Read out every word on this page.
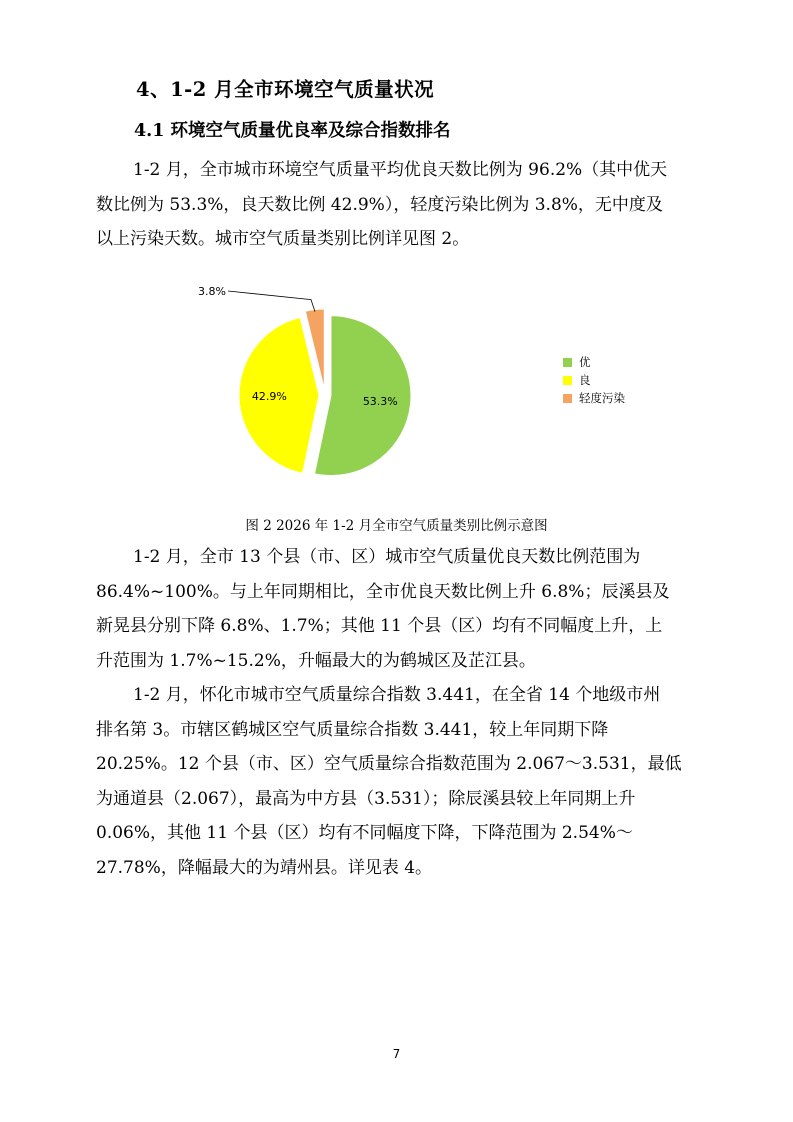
4、1-2 月全市环境空气质量状况
4.1 环境空气质量优良率及综合指数排名

1-2 月，全市城市环境空气质量平均优良天数比例为 96.2%（其中优天
数比例为 53.3%，良天数比例 42.9%），轻度污染比例为 3.8%，无中度及
以上污染天数。城市空气质量类别比例详见图 2。

53.3%
42.9%
3.8%
优
良
轻度污染
图 2 2026 年 1-2 月全市空气质量类别比例示意图

1-2 月，全市 13 个县（市、区）城市空气质量优良天数比例范围为
86.4%~100%。与上年同期相比，全市优良天数比例上升 6.8%；辰溪县及
新晃县分别下降 6.8%、1.7%；其他 11 个县（区）均有不同幅度上升，上
升范围为 1.7%~15.2%，升幅最大的为鹤城区及芷江县。

1-2 月，怀化市城市空气质量综合指数 3.441，在全省 14 个地级市州
排名第 3。市辖区鹤城区空气质量综合指数 3.441，较上年同期下降
20.25%。12 个县（市、区）空气质量综合指数范围为 2.067～3.531，最低
为通道县（2.067），最高为中方县（3.531）；除辰溪县较上年同期上升
0.06%，其他 11 个县（区）均有不同幅度下降，下降范围为 2.54%～
27.78%，降幅最大的为靖州县。详见表 4。

7
